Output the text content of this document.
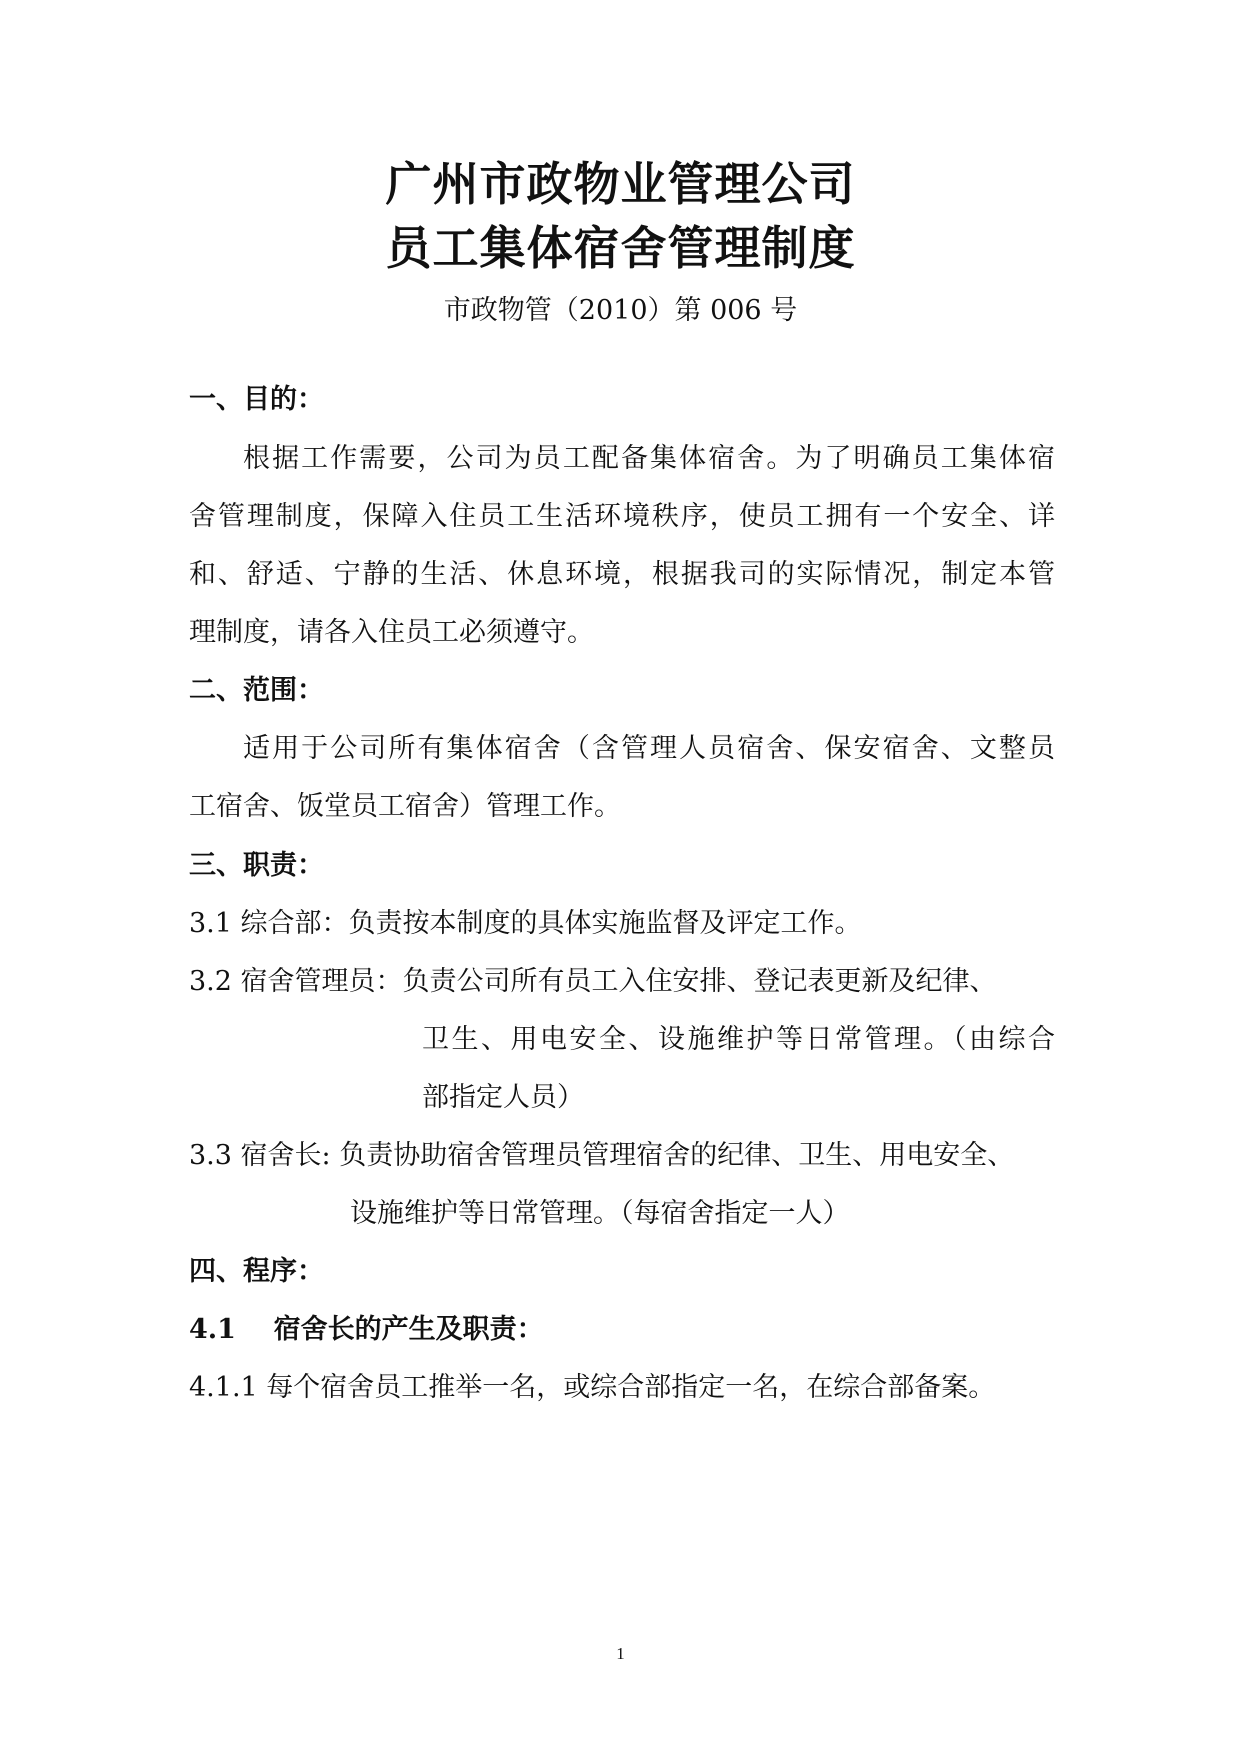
广州市政物业管理公司
员工集体宿舍管理制度
市政物管（2010）第 006 号
一、目的：
根据工作需要，公司为员工配备集体宿舍。为了明确员工集体宿
舍管理制度，保障入住员工生活环境秩序，使员工拥有一个安全、详
和、舒适、宁静的生活、休息环境，根据我司的实际情况，制定本管
理制度，请各入住员工必须遵守。
二、范围：
适用于公司所有集体宿舍（含管理人员宿舍、保安宿舍、文整员
工宿舍、饭堂员工宿舍）管理工作。
三、职责：
3.1 综合部：负责按本制度的具体实施监督及评定工作。
3.2 宿舍管理员：负责公司所有员工入住安排、登记表更新及纪律、
卫生、用电安全、设施维护等日常管理。（由综合
部指定人员）
3.3 宿舍长: 负责协助宿舍管理员管理宿舍的纪律、卫生、用电安全、
设施维护等日常管理。（每宿舍指定一人）
四、程序：
4.1    宿舍长的产生及职责：
4.1.1 每个宿舍员工推举一名，或综合部指定一名，在综合部备案。
1
